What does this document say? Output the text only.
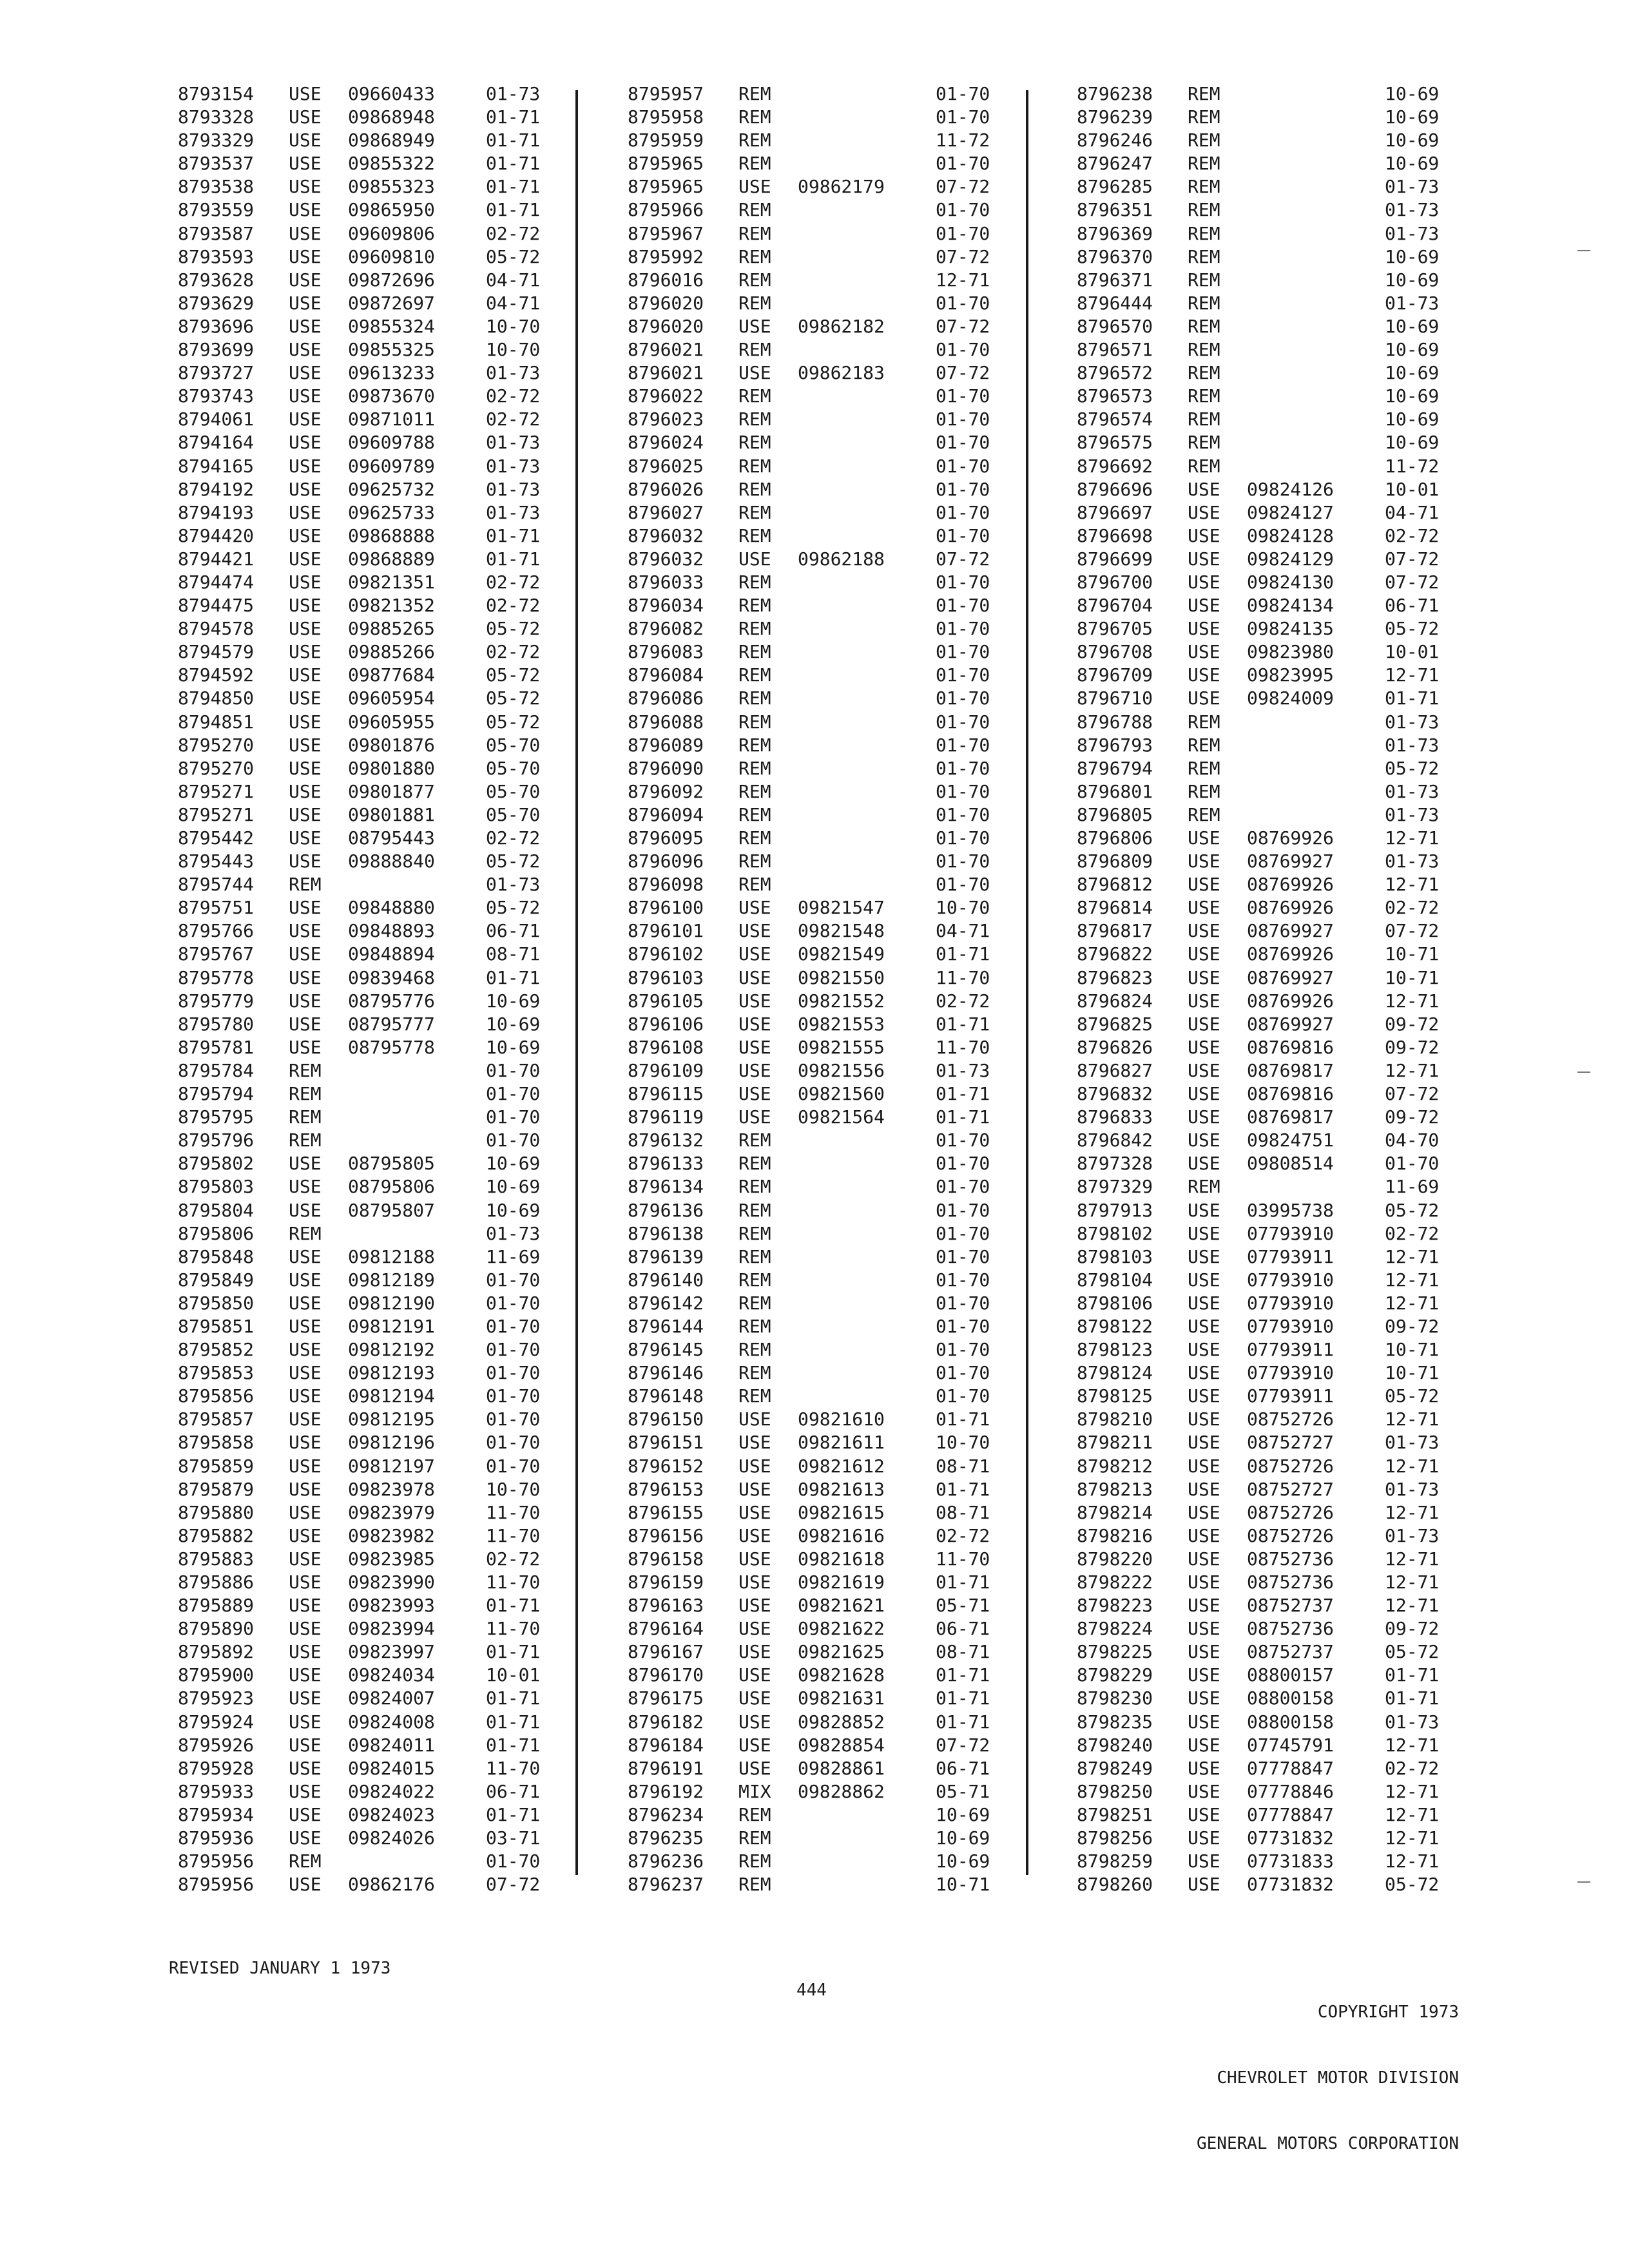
8793154	USE	09660433	01-73
8793328	USE	09868948	01-71
8793329	USE	09868949	01-71
8793537	USE	09855322	01-71
8793538	USE	09855323	01-71
8793559	USE	09865950	01-71
8793587	USE	09609806	02-72
8793593	USE	09609810	05-72
8793628	USE	09872696	04-71
8793629	USE	09872697	04-71
8793696	USE	09855324	10-70
8793699	USE	09855325	10-70
8793727	USE	09613233	01-73
8793743	USE	09873670	02-72
8794061	USE	09871011	02-72
8794164	USE	09609788	01-73
8794165	USE	09609789	01-73
8794192	USE	09625732	01-73
8794193	USE	09625733	01-73
8794420	USE	09868888	01-71
8794421	USE	09868889	01-71
8794474	USE	09821351	02-72
8794475	USE	09821352	02-72
8794578	USE	09885265	05-72
8794579	USE	09885266	02-72
8794592	USE	09877684	05-72
8794850	USE	09605954	05-72
8794851	USE	09605955	05-72
8795270	USE	09801876	05-70
8795270	USE	09801880	05-70
8795271	USE	09801877	05-70
8795271	USE	09801881	05-70
8795442	USE	08795443	02-72
8795443	USE	09888840	05-72
8795744	REM	01-73
8795751	USE	09848880	05-72
8795766	USE	09848893	06-71
8795767	USE	09848894	08-71
8795778	USE	09839468	01-71
8795779	USE	08795776	10-69
8795780	USE	08795777	10-69
8795781	USE	08795778	10-69
8795784	REM	01-70
8795794	REM	01-70
8795795	REM	01-70
8795796	REM	01-70
8795802	USE	08795805	10-69
8795803	USE	08795806	10-69
8795804	USE	08795807	10-69
8795806	REM	01-73
8795848	USE	09812188	11-69
8795849	USE	09812189	01-70
8795850	USE	09812190	01-70
8795851	USE	09812191	01-70
8795852	USE	09812192	01-70
8795853	USE	09812193	01-70
8795856	USE	09812194	01-70
8795857	USE	09812195	01-70
8795858	USE	09812196	01-70
8795859	USE	09812197	01-70
8795879	USE	09823978	10-70
8795880	USE	09823979	11-70
8795882	USE	09823982	11-70
8795883	USE	09823985	02-72
8795886	USE	09823990	11-70
8795889	USE	09823993	01-71
8795890	USE	09823994	11-70
8795892	USE	09823997	01-71
8795900	USE	09824034	10-01
8795923	USE	09824007	01-71
8795924	USE	09824008	01-71
8795926	USE	09824011	01-71
8795928	USE	09824015	11-70
8795933	USE	09824022	06-71
8795934	USE	09824023	01-71
8795936	USE	09824026	03-71
8795956	REM	01-70
8795956	USE	09862176	07-72
8795957	REM	01-70
8795958	REM	01-70
8795959	REM	11-72
8795965	REM	01-70
8795965	USE	09862179	07-72
8795966	REM	01-70
8795967	REM	01-70
8795992	REM	07-72
8796016	REM	12-71
8796020	REM	01-70
8796020	USE	09862182	07-72
8796021	REM	01-70
8796021	USE	09862183	07-72
8796022	REM	01-70
8796023	REM	01-70
8796024	REM	01-70
8796025	REM	01-70
8796026	REM	01-70
8796027	REM	01-70
8796032	REM	01-70
8796032	USE	09862188	07-72
8796033	REM	01-70
8796034	REM	01-70
8796082	REM	01-70
8796083	REM	01-70
8796084	REM	01-70
8796086	REM	01-70
8796088	REM	01-70
8796089	REM	01-70
8796090	REM	01-70
8796092	REM	01-70
8796094	REM	01-70
8796095	REM	01-70
8796096	REM	01-70
8796098	REM	01-70
8796100	USE	09821547	10-70
8796101	USE	09821548	04-71
8796102	USE	09821549	01-71
8796103	USE	09821550	11-70
8796105	USE	09821552	02-72
8796106	USE	09821553	01-71
8796108	USE	09821555	11-70
8796109	USE	09821556	01-73
8796115	USE	09821560	01-71
8796119	USE	09821564	01-71
8796132	REM	01-70
8796133	REM	01-70
8796134	REM	01-70
8796136	REM	01-70
8796138	REM	01-70
8796139	REM	01-70
8796140	REM	01-70
8796142	REM	01-70
8796144	REM	01-70
8796145	REM	01-70
8796146	REM	01-70
8796148	REM	01-70
8796150	USE	09821610	01-71
8796151	USE	09821611	10-70
8796152	USE	09821612	08-71
8796153	USE	09821613	01-71
8796155	USE	09821615	08-71
8796156	USE	09821616	02-72
8796158	USE	09821618	11-70
8796159	USE	09821619	01-71
8796163	USE	09821621	05-71
8796164	USE	09821622	06-71
8796167	USE	09821625	08-71
8796170	USE	09821628	01-71
8796175	USE	09821631	01-71
8796182	USE	09828852	01-71
8796184	USE	09828854	07-72
8796191	USE	09828861	06-71
8796192	MIX	09828862	05-71
8796234	REM	10-69
8796235	REM	10-69
8796236	REM	10-69
8796237	REM	10-71
8796238	REM	10-69
8796239	REM	10-69
8796246	REM	10-69
8796247	REM	10-69
8796285	REM	01-73
8796351	REM	01-73
8796369	REM	01-73
8796370	REM	10-69
8796371	REM	10-69
8796444	REM	01-73
8796570	REM	10-69
8796571	REM	10-69
8796572	REM	10-69
8796573	REM	10-69
8796574	REM	10-69
8796575	REM	10-69
8796692	REM	11-72
8796696	USE	09824126	10-01
8796697	USE	09824127	04-71
8796698	USE	09824128	02-72
8796699	USE	09824129	07-72
8796700	USE	09824130	07-72
8796704	USE	09824134	06-71
8796705	USE	09824135	05-72
8796708	USE	09823980	10-01
8796709	USE	09823995	12-71
8796710	USE	09824009	01-71
8796788	REM	01-73
8796793	REM	01-73
8796794	REM	05-72
8796801	REM	01-73
8796805	REM	01-73
8796806	USE	08769926	12-71
8796809	USE	08769927	01-73
8796812	USE	08769926	12-71
8796814	USE	08769926	02-72
8796817	USE	08769927	07-72
8796822	USE	08769926	10-71
8796823	USE	08769927	10-71
8796824	USE	08769926	12-71
8796825	USE	08769927	09-72
8796826	USE	08769816	09-72
8796827	USE	08769817	12-71
8796832	USE	08769816	07-72
8796833	USE	08769817	09-72
8796842	USE	09824751	04-70
8797328	USE	09808514	01-70
8797329	REM	11-69
8797913	USE	03995738	05-72
8798102	USE	07793910	02-72
8798103	USE	07793911	12-71
8798104	USE	07793910	12-71
8798106	USE	07793910	12-71
8798122	USE	07793910	09-72
8798123	USE	07793911	10-71
8798124	USE	07793910	10-71
8798125	USE	07793911	05-72
8798210	USE	08752726	12-71
8798211	USE	08752727	01-73
8798212	USE	08752726	12-71
8798213	USE	08752727	01-73
8798214	USE	08752726	12-71
8798216	USE	08752726	01-73
8798220	USE	08752736	12-71
8798222	USE	08752736	12-71
8798223	USE	08752737	12-71
8798224	USE	08752736	09-72
8798225	USE	08752737	05-72
8798229	USE	08800157	01-71
8798230	USE	08800158	01-71
8798235	USE	08800158	01-73
8798240	USE	07745791	12-71
8798249	USE	07778847	02-72
8798250	USE	07778846	12-71
8798251	USE	07778847	12-71
8798256	USE	07731832	12-71
8798259	USE	07731833	12-71
8798260	USE	07731832	05-72
REVISED JANUARY 1 1973
444

COPYRIGHT 1973

CHEVROLET MOTOR DIVISION

GENERAL MOTORS CORPORATION
